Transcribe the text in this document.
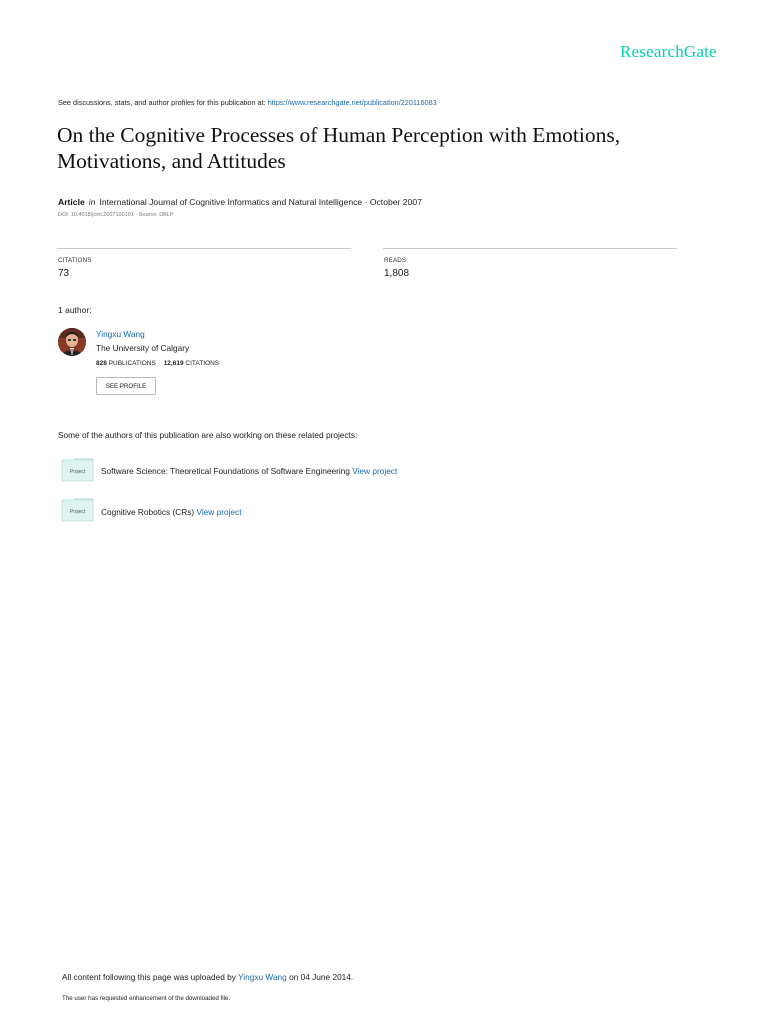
ResearchGate
See discussions, stats, and author profiles for this publication at: https://www.researchgate.net/publication/220116083
On the Cognitive Processes of Human Perception with Emotions, Motivations, and Attitudes
Article in International Journal of Cognitive Informatics and Natural Intelligence · October 2007
DOI: 10.4018/jcini.2007100101 · Source: DBLP
CITATIONS
73
READS
1,808
1 author:
Yingxu Wang
The University of Calgary
828 PUBLICATIONS 12,619 CITATIONS
SEE PROFILE
Some of the authors of this publication are also working on these related projects:
Project Software Science: Theoretical Foundations of Software Engineering View project
Project Cognitive Robotics (CRs) View project
All content following this page was uploaded by Yingxu Wang on 04 June 2014.
The user has requested enhancement of the downloaded file.
